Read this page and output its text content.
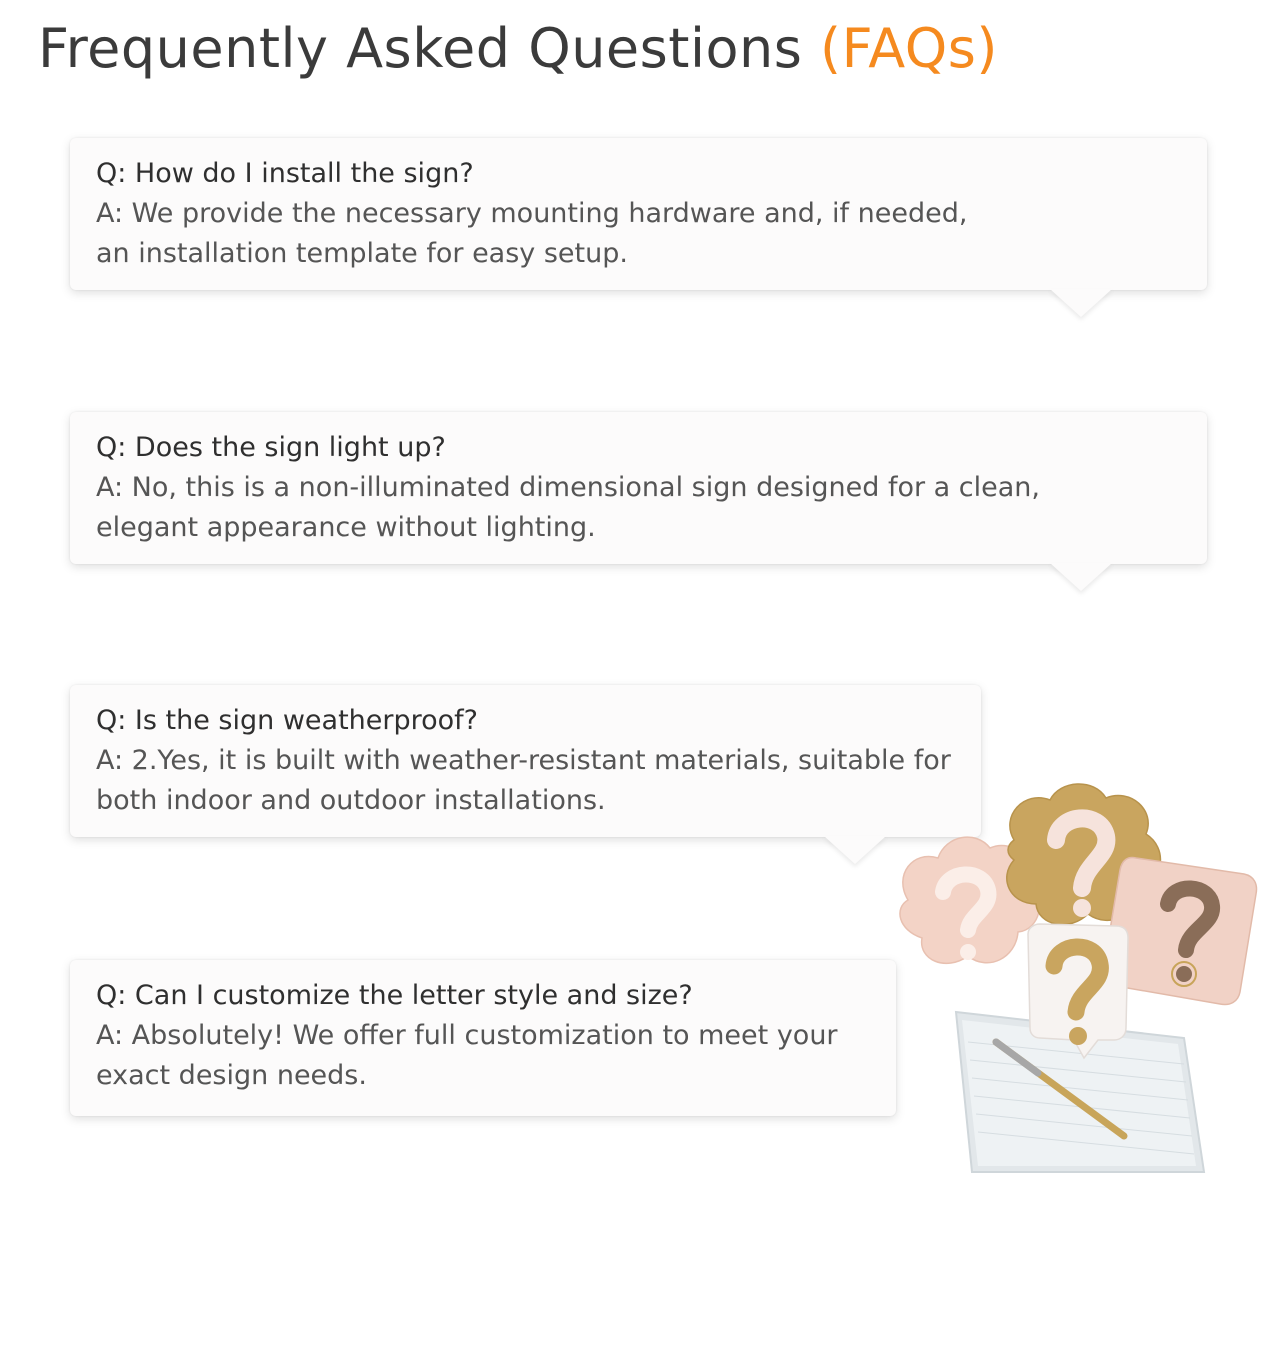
Frequently Asked Questions (FAQs)
Q: How do I install the sign?
A: We provide the necessary mounting hardware and, if needed,
an installation template for easy setup.
Q: Does the sign light up?
A: No, this is a non-illuminated dimensional sign designed for a clean,
elegant appearance without lighting.
Q: Is the sign weatherproof?
A: 2.Yes, it is built with weather-resistant materials, suitable for
both indoor and outdoor installations.
Q: Can I customize the letter style and size?
A: Absolutely! We offer full customization to meet your
exact design needs.
